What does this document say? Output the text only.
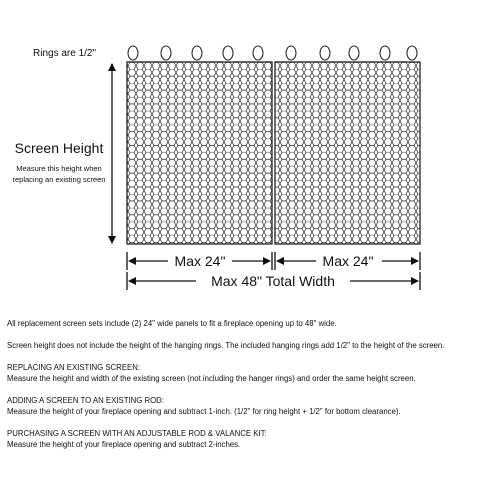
Max 24"	Max 24"
Max 48" Total Width
Rings are 1/2"
Screen Height
Measure this height when
replacing an existing screen

All replacement screen sets include (2) 24" wide panels to fit a fireplace opening up to 48" wide.

Screen height does not include the height of the hanging rings. The included hanging rings add 1/2" to the height of the screen.

REPLACING AN EXISTING SCREEN:

Measure the height and width of the existing screen (not including the hanger rings) and order the same height screen.

ADDING A SCREEN TO AN EXISTING ROD:

Measure the height of your fireplace opening and subtract 1-inch. (1/2" for ring height + 1/2" for bottom clearance).

PURCHASING A SCREEN WITH AN ADJUSTABLE ROD & VALANCE KIT:

Measure the height of your fireplace opening and subtract 2-inches.
